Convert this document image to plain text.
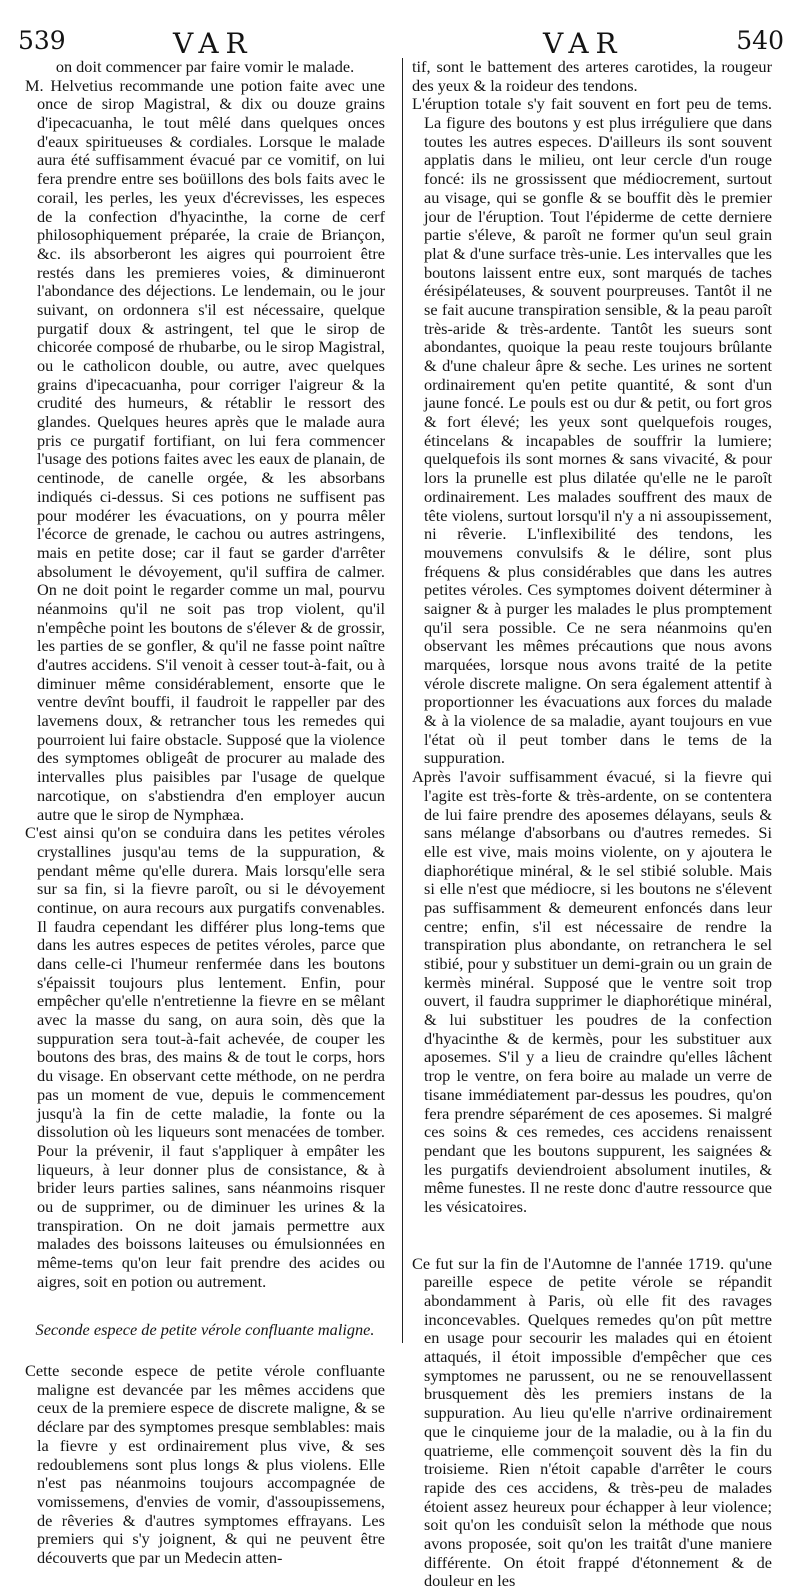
539	VAR	VAR	540

on doit commencer par faire vomir le malade.

M. Helvetius recommande une potion faite avec une once de sirop Magistral, & dix ou douze grains d'ipecacuanha, le tout mêlé dans quelques onces d'eaux spiritueuses & cordiales. Lorsque le malade aura été suffisamment évacué par ce vomitif, on lui fera prendre entre ses boüillons des bols faits avec le corail, les perles, les yeux d'écrevisses, les especes de la confection d'hyacinthe, la corne de cerf philosophiquement préparée, la craie de Briançon, &c. ils absorberont les aigres qui pourroient être restés dans les premieres voies, & diminueront l'abondance des déjections. Le lendemain, ou le jour suivant, on ordonnera s'il est nécessaire, quelque purgatif doux & astringent, tel que le sirop de chicorée composé de rhubarbe, ou le sirop Magistral, ou le catholicon double, ou autre, avec quelques grains d'ipecacuanha, pour corriger l'aigreur & la crudité des humeurs, & rétablir le ressort des glandes. Quelques heures après que le malade aura pris ce purgatif fortifiant, on lui fera commencer l'usage des potions faites avec les eaux de planain, de centinode, de canelle orgée, & les absorbans indiqués ci-dessus. Si ces potions ne suffisent pas pour modérer les évacuations, on y pourra mêler l'écorce de grenade, le cachou ou autres astringens, mais en petite dose; car il faut se garder d'arrêter absolument le dévoyement, qu'il suffira de calmer. On ne doit point le regarder comme un mal, pourvu néanmoins qu'il ne soit pas trop violent, qu'il n'empêche point les boutons de s'élever & de grossir, les parties de se gonfler, & qu'il ne fasse point naître d'autres accidens. S'il venoit à cesser tout-à-fait, ou à diminuer même considérablement, ensorte que le ventre devînt bouffi, il faudroit le rappeller par des lavemens doux, & retrancher tous les remedes qui pourroient lui faire obstacle. Supposé que la violence des symptomes obligeât de procurer au malade des intervalles plus paisibles par l'usage de quelque narcotique, on s'abstiendra d'en employer aucun autre que le sirop de Nymphæa.

C'est ainsi qu'on se conduira dans les petites véroles crystallines jusqu'au tems de la suppuration, & pendant même qu'elle durera. Mais lorsqu'elle sera sur sa fin, si la fievre paroît, ou si le dévoyement continue, on aura recours aux purgatifs convenables. Il faudra cependant les différer plus long-tems que dans les autres especes de petites véroles, parce que dans celle-ci l'humeur renfermée dans les boutons s'épaissit toujours plus lentement. Enfin, pour empêcher qu'elle n'entretienne la fievre en se mêlant avec la masse du sang, on aura soin, dès que la suppuration sera tout-à-fait achevée, de couper les boutons des bras, des mains & de tout le corps, hors du visage. En observant cette méthode, on ne perdra pas un moment de vue, depuis le commencement jusqu'à la fin de cette maladie, la fonte ou la dissolution où les liqueurs sont menacées de tomber. Pour la prévenir, il faut s'appliquer à empâter les liqueurs, à leur donner plus de consistance, & à brider leurs parties salines, sans néanmoins risquer ou de supprimer, ou de diminuer les urines & la transpiration. On ne doit jamais permettre aux malades des boissons laiteuses ou émulsionnées en même-tems qu'on leur fait prendre des acides ou aigres, soit en potion ou autrement.

Seconde espece de petite vérole confluante maligne.

Cette seconde espece de petite vérole confluante maligne est devancée par les mêmes accidens que ceux de la premiere espece de discrete maligne, & se déclare par des symptomes presque semblables: mais la fievre y est ordinairement plus vive, & ses redoublemens sont plus longs & plus violens. Elle n'est pas néanmoins toujours accompagnée de vomissemens, d'envies de vomir, d'assoupissemens, de rêveries & d'autres symptomes effrayans. Les premiers qui s'y joignent, & qui ne peuvent être découverts que par un Medecin atten-

tif, sont le battement des arteres carotides, la rougeur des yeux & la roideur des tendons.

L'éruption totale s'y fait souvent en fort peu de tems. La figure des boutons y est plus irréguliere que dans toutes les autres especes. D'ailleurs ils sont souvent applatis dans le milieu, ont leur cercle d'un rouge foncé: ils ne grossissent que médiocrement, surtout au visage, qui se gonfle & se bouffit dès le premier jour de l'éruption. Tout l'épiderme de cette derniere partie s'éleve, & paroît ne former qu'un seul grain plat & d'une surface très-unie. Les intervalles que les boutons laissent entre eux, sont marqués de taches érésipélateuses, & souvent pourpreuses. Tantôt il ne se fait aucune transpiration sensible, & la peau paroît très-aride & très-ardente. Tantôt les sueurs sont abondantes, quoique la peau reste toujours brûlante & d'une chaleur âpre & seche. Les urines ne sortent ordinairement qu'en petite quantité, & sont d'un jaune foncé. Le pouls est ou dur & petit, ou fort gros & fort élevé; les yeux sont quelquefois rouges, étincelans & incapables de souffrir la lumiere; quelquefois ils sont mornes & sans vivacité, & pour lors la prunelle est plus dilatée qu'elle ne le paroît ordinairement. Les malades souffrent des maux de tête violens, surtout lorsqu'il n'y a ni assoupissement, ni rêverie. L'inflexibilité des tendons, les mouvemens convulsifs & le délire, sont plus fréquens & plus considérables que dans les autres petites véroles. Ces symptomes doivent déterminer à saigner & à purger les malades le plus promptement qu'il sera possible. Ce ne sera néanmoins qu'en observant les mêmes précautions que nous avons marquées, lorsque nous avons traité de la petite vérole discrete maligne. On sera également attentif à proportionner les évacuations aux forces du malade & à la violence de sa maladie, ayant toujours en vue l'état où il peut tomber dans le tems de la suppuration.

Après l'avoir suffisamment évacué, si la fievre qui l'agite est très-forte & très-ardente, on se contentera de lui faire prendre des aposemes délayans, seuls & sans mélange d'absorbans ou d'autres remedes. Si elle est vive, mais moins violente, on y ajoutera le diaphorétique minéral, & le sel stibié soluble. Mais si elle n'est que médiocre, si les boutons ne s'élevent pas suffisamment & demeurent enfoncés dans leur centre; enfin, s'il est nécessaire de rendre la transpiration plus abondante, on retranchera le sel stibié, pour y substituer un demi-grain ou un grain de kermès minéral. Supposé que le ventre soit trop ouvert, il faudra supprimer le diaphorétique minéral, & lui substituer les poudres de la confection d'hyacinthe & de kermès, pour les substituer aux aposemes. S'il y a lieu de craindre qu'elles lâchent trop le ventre, on fera boire au malade un verre de tisane immédiatement par-dessus les poudres, qu'on fera prendre séparément de ces aposemes. Si malgré ces soins & ces remedes, ces accidens renaissent pendant que les boutons suppurent, les saignées & les purgatifs deviendroient absolument inutiles, & même funestes. Il ne reste donc d'autre ressource que les vésicatoires.

Ce fut sur la fin de l'Automne de l'année 1719. qu'une pareille espece de petite vérole se répandit abondamment à Paris, où elle fit des ravages inconcevables. Quelques remedes qu'on pût mettre en usage pour secourir les malades qui en étoient attaqués, il étoit impossible d'empêcher que ces symptomes ne parussent, ou ne se renouvellassent brusquement dès les premiers instans de la suppuration. Au lieu qu'elle n'arrive ordinairement que le cinquieme jour de la maladie, ou à la fin du quatrieme, elle commençoit souvent dès la fin du troisieme. Rien n'étoit capable d'arrêter le cours rapide des ces accidens, & très-peu de malades étoient assez heureux pour échapper à leur violence; soit qu'on les conduisît selon la méthode que nous avons proposée, soit qu'on les traitât d'une maniere différente. On étoit frappé d'étonnement & de douleur en les
